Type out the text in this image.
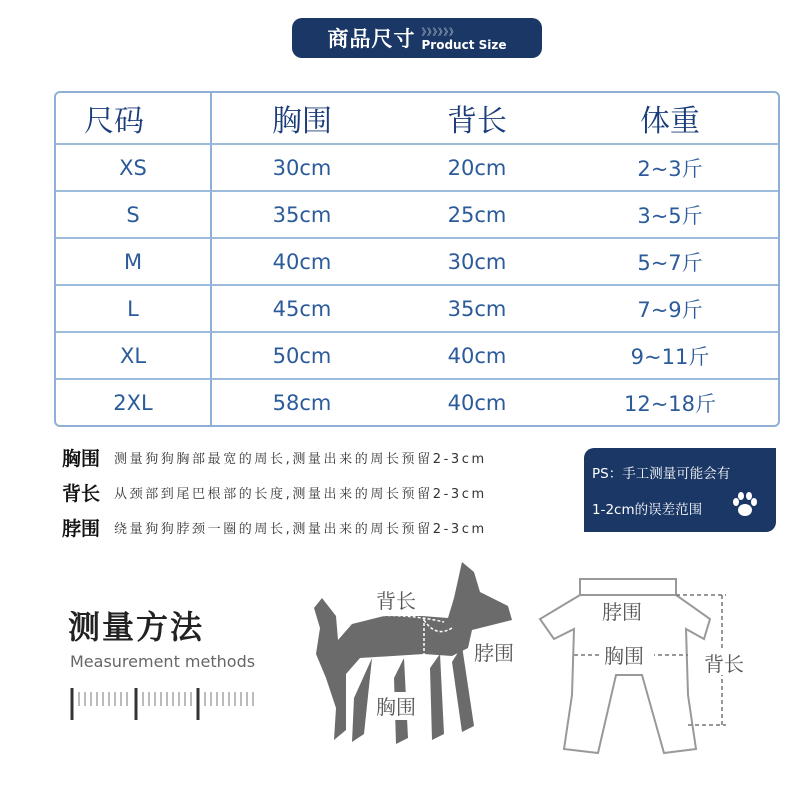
商品尺寸 》》》》》》
Product Size
尺码	胸围	背长	体重
XS	30cm	20cm	2~3斤
S	35cm	25cm	3~5斤
M	40cm	30cm	5~7斤
L	45cm	35cm	7~9斤
XL	50cm	40cm	9~11斤
2XL	58cm	40cm	12~18斤
胸围	测量狗狗胸部最宽的周长,测量出来的周长预留2-3cm
背长	从颈部到尾巴根部的长度,测量出来的周长预留2-3cm
脖围	绕量狗狗脖颈一圈的周长,测量出来的周长预留2-3cm
PS：手工测量可能会有
1-2cm的误差范围
测量方法
Measurement methods
背长
脖围
胸围
脖围
胸围	背长
